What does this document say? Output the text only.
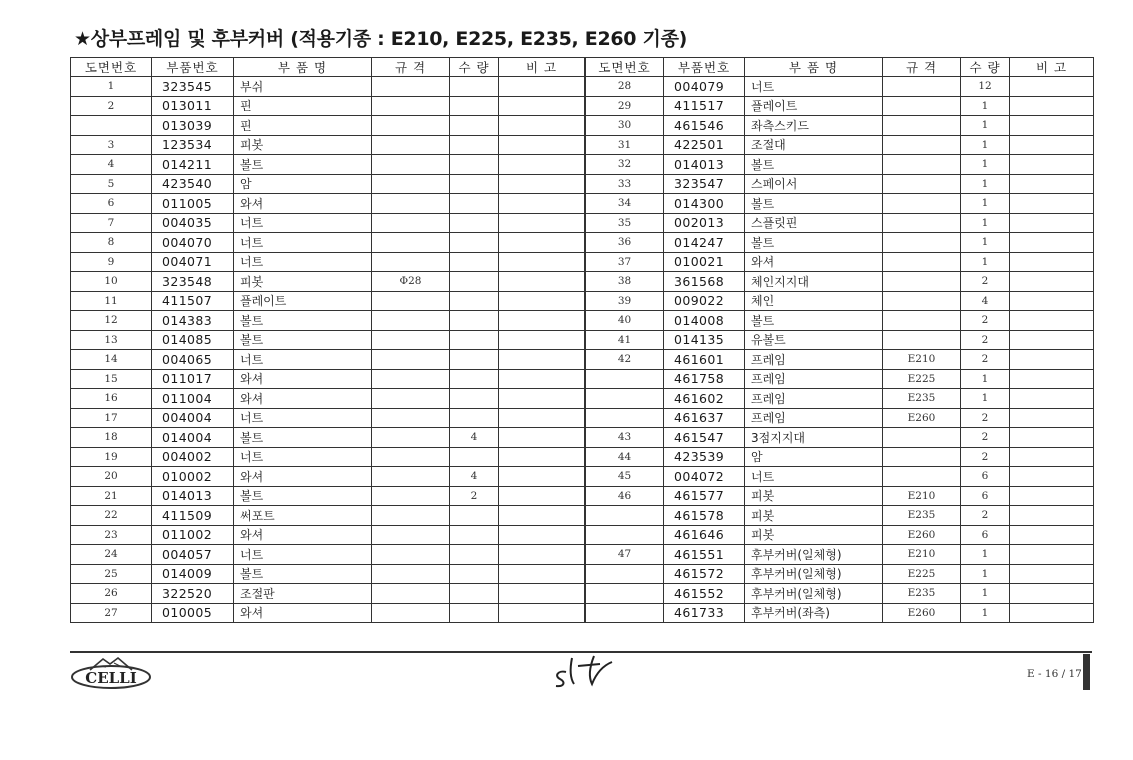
★상부프레임 및 후부커버 (적용기종 : E210, E225, E235, E260 기종)
도면번호	부품번호	부 품 명	규 격	수 량	비 고
1	323545	부쉬			
2	013011	핀			
	013039	핀			
3	123534	피봇			
4	014211	볼트			
5	423540	암			
6	011005	와셔			
7	004035	너트			
8	004070	너트			
9	004071	너트			
10	323548	피봇	Φ28		
11	411507	플레이트			
12	014383	볼트			
13	014085	볼트			
14	004065	너트			
15	011017	와셔			
16	011004	와셔			
17	004004	너트			
18	014004	볼트		4	
19	004002	너트			
20	010002	와셔		4	
21	014013	볼트		2	
22	411509	써포트			
23	011002	와셔			
24	004057	너트			
25	014009	볼트			
26	322520	조절판			
27	010005	와셔			
도면번호	부품번호	부 품 명	규 격	수 량	비 고
28	004079	너트		12	
29	411517	플레이트		1	
30	461546	좌측스키드		1	
31	422501	조절대		1	
32	014013	볼트		1	
33	323547	스페이서		1	
34	014300	볼트		1	
35	002013	스플릿핀		1	
36	014247	볼트		1	
37	010021	와셔		1	
38	361568	체인지지대		2	
39	009022	체인		4	
40	014008	볼트		2	
41	014135	유볼트		2	
42	461601	프레임	E210	2	
	461758	프레임	E225	1	
	461602	프레임	E235	1	
	461637	프레임	E260	2	
43	461547	3점지지대		2	
44	423539	암		2	
45	004072	너트		6	
46	461577	피봇	E210	6	
	461578	피봇	E235	2	
	461646	피봇	E260	6	
47	461551	후부커버(일체형)	E210	1	
	461572	후부커버(일체형)	E225	1	
	461552	후부커버(일체형)	E235	1	
	461733	후부커버(좌측)	E260	1	
CELLI	E - 16 / 17
